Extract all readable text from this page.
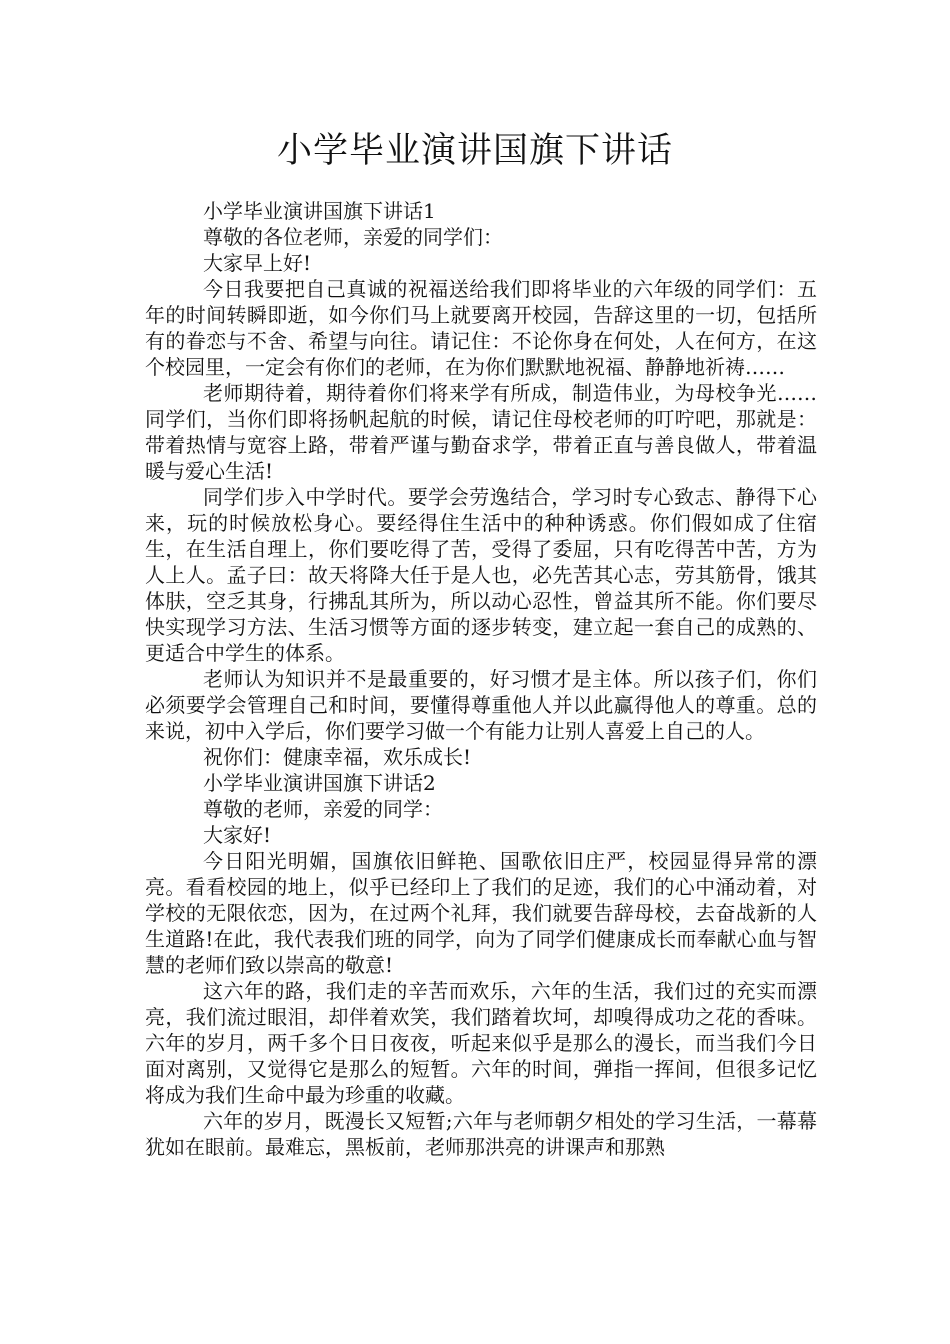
小学毕业演讲国旗下讲话

小学毕业演讲国旗下讲话1

尊敬的各位老师，亲爱的同学们：

大家早上好!

今日我要把自己真诚的祝福送给我们即将毕业的六年级的同学们：五年的时间转瞬即逝，如今你们马上就要离开校园，告辞这里的一切，包括所有的眷恋与不舍、希望与向往。请记住：不论你身在何处，人在何方，在这个校园里，一定会有你们的老师，在为你们默默地祝福、静静地祈祷……

老师期待着，期待着你们将来学有所成，制造伟业，为母校争光……同学们，当你们即将扬帆起航的时候，请记住母校老师的叮咛吧，那就是：带着热情与宽容上路，带着严谨与勤奋求学，带着正直与善良做人，带着温暖与爱心生活!

同学们步入中学时代。要学会劳逸结合，学习时专心致志、静得下心来，玩的时候放松身心。要经得住生活中的种种诱惑。你们假如成了住宿生，在生活自理上，你们要吃得了苦，受得了委屈，只有吃得苦中苦，方为人上人。孟子曰：故天将降大任于是人也，必先苦其心志，劳其筋骨，饿其体肤，空乏其身，行拂乱其所为，所以动心忍性，曾益其所不能。你们要尽快实现学习方法、生活习惯等方面的逐步转变，建立起一套自己的成熟的、更适合中学生的体系。

老师认为知识并不是最重要的，好习惯才是主体。所以孩子们，你们必须要学会管理自己和时间，要懂得尊重他人并以此赢得他人的尊重。总的来说，初中入学后，你们要学习做一个有能力让别人喜爱上自己的人。

祝你们：健康幸福，欢乐成长!

小学毕业演讲国旗下讲话2

尊敬的老师，亲爱的同学：

大家好!

今日阳光明媚，国旗依旧鲜艳、国歌依旧庄严，校园显得异常的漂亮。看看校园的地上，似乎已经印上了我们的足迹，我们的心中涌动着，对学校的无限依恋，因为，在过两个礼拜，我们就要告辞母校，去奋战新的人生道路!在此，我代表我们班的同学，向为了同学们健康成长而奉献心血与智慧的老师们致以崇高的敬意!

这六年的路，我们走的辛苦而欢乐，六年的生活，我们过的充实而漂亮，我们流过眼泪，却伴着欢笑，我们踏着坎坷，却嗅得成功之花的香味。六年的岁月，两千多个日日夜夜，听起来似乎是那么的漫长，而当我们今日面对离别，又觉得它是那么的短暂。六年的时间，弹指一挥间，但很多记忆将成为我们生命中最为珍重的收藏。

六年的岁月，既漫长又短暂;六年与老师朝夕相处的学习生活，一幕幕犹如在眼前。最难忘，黑板前，老师那洪亮的讲课声和那熟
